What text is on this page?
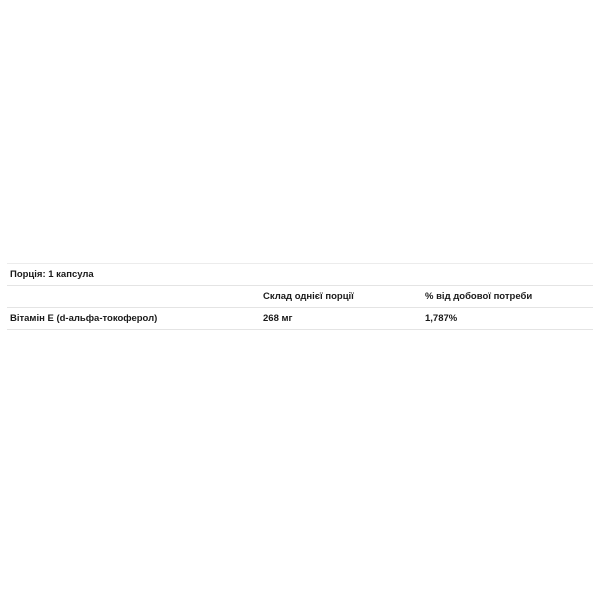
Порція: 1 капсула		
	Склад однієї порції	% від добової потреби
Вітамін Е (d-альфа-токоферол)	268 мг	1,787%
